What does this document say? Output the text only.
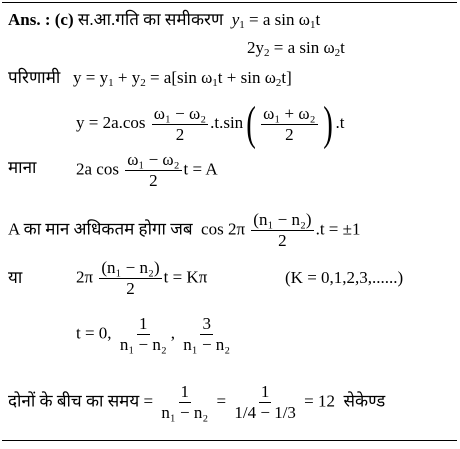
Ans. : (c) स.आ.गति का समीकरण $y_1 = a$ $\sin \omega_1t$
$2y_2 = a$ $\sin \omega_2t$
परिणामी $y = y_1 + y_2 = a[\sin$ $\omega_1t + \sin \omega_2t$]
$y = 2a.\cos \frac{\text{ω₁ − ω₂}}{2} .t.\sin( \frac{\text{ω₁ + ω₂}}{2}$ ) .t
माना 2a $\cos \frac{\text{ω₁ − ω₂}}{2}$ t = A
A का मान अधिकतम होगा जब $\cos 2\pi \frac{\text{(n₁ − n₂)}}{2} .t = \pm 1$
या	$2\pi \frac{\text{(n₁ − n₂)}}{2}$ t = Kπ	(K = 0,1,2,3,......)
t = 0, $\frac{1}{\text{n₁ − n₂}}$ , $\frac{3}{\text{n₁ − n₂}}$
दोनों के बीच का समय = $\frac{1}{\text{n₁ − n₂}} = \frac{1}{1/4 - 1/3} = 12$ सेकेण्ड
